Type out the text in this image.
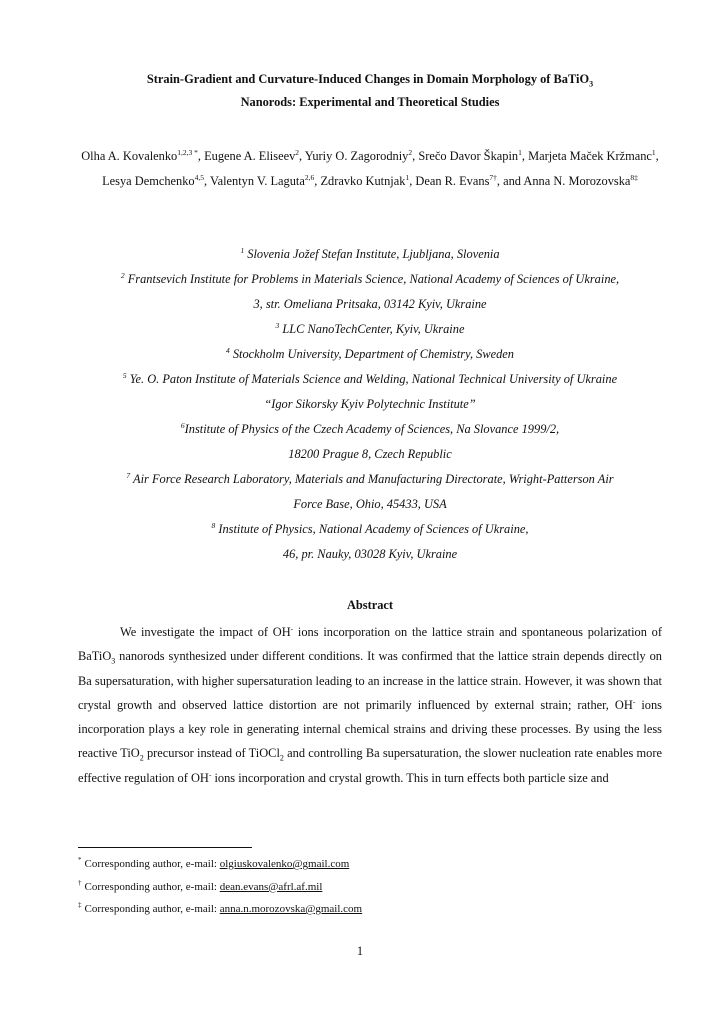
Strain-Gradient and Curvature-Induced Changes in Domain Morphology of BaTiO$_3$
Nanorods: Experimental and Theoretical Studies
Olha A. Kovalenko$^{1,2,3 *}$, Eugene A. Eliseev$^2$, Yuriy O. Zagorodniy$^2$, Srečo Davor Škapin$^1$, Marjeta Maček Kržmanc$^1$, Lesya Demchenko$^{4,5}$, Valentyn V. Laguta$^{2,6}$, Zdravko Kutnjak$^1$, Dean R. Evans$^{7\dagger}$, and Anna N. Morozovska$^{8\ddagger}$
$^1$ Slovenia Jožef Stefan Institute, Ljubljana, Slovenia
$^2$ Frantsevich Institute for Problems in Materials Science, National Academy of Sciences of Ukraine,
3, str. Omeliana Pritsaka, 03142 Kyiv, Ukraine
$^3$ LLC NanoTechCenter, Kyiv, Ukraine
$^4$ Stockholm University, Department of Chemistry, Sweden
$^5$ Ye. O. Paton Institute of Materials Science and Welding, National Technical University of Ukraine
“Igor Sikorsky Kyiv Polytechnic Institute”
$^6$Institute of Physics of the Czech Academy of Sciences, Na Slovance 1999/2,
18200 Prague 8, Czech Republic
$^7$ Air Force Research Laboratory, Materials and Manufacturing Directorate, Wright-Patterson Air
Force Base, Ohio, 45433, USA
$^8$ Institute of Physics, National Academy of Sciences of Ukraine,
46, pr. Nauky, 03028 Kyiv, Ukraine
Abstract

We investigate the impact of OH- ions incorporation on the lattice strain and spontaneous polarization of BaTiO$_3$ nanorods synthesized under different conditions. It was confirmed that the lattice strain depends directly on Ba supersaturation, with higher supersaturation leading to an increase in the lattice strain. However, it was shown that crystal growth and observed lattice distortion are not primarily influenced by external strain; rather, OH- ions incorporation plays a key role in generating internal chemical strains and driving these processes. By using the less reactive TiO$_2$ precursor instead of TiOCl$_2$ and controlling Ba supersaturation, the slower nucleation rate enables more effective regulation of OH- ions incorporation and crystal growth. This in turn effects both particle size and

* Corresponding author, e-mail: olgiuskovalenko@gmail.com
† Corresponding author, e-mail: dean.evans@afrl.af.mil
‡ Corresponding author, e-mail: anna.n.morozovska@gmail.com
1
